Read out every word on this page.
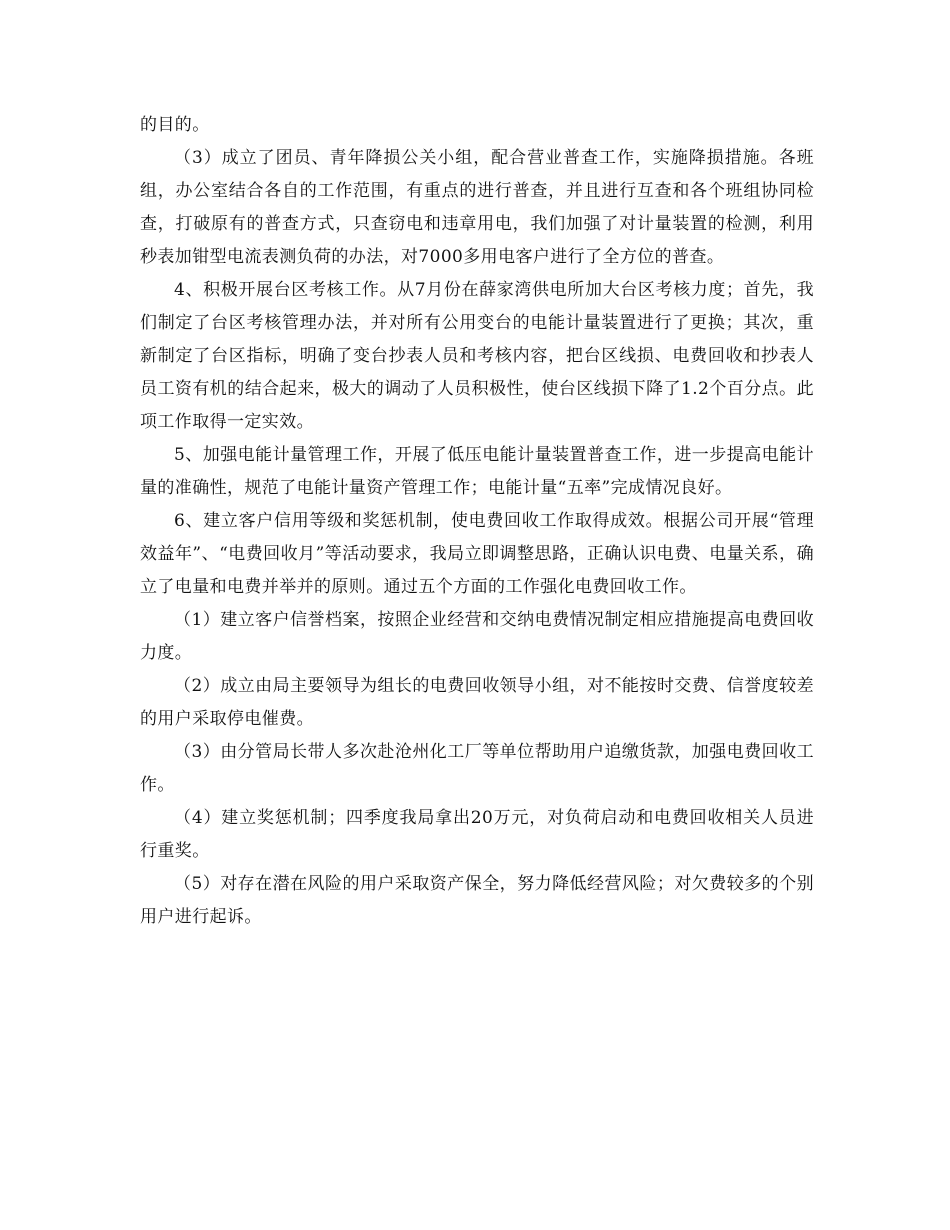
的目的。

（3）成立了团员、青年降损公关小组，配合营业普查工作，实施降损措施。各班组，办公室结合各自的工作范围，有重点的进行普查，并且进行互查和各个班组协同检查，打破原有的普查方式，只查窃电和违章用电，我们加强了对计量装置的检测，利用秒表加钳型电流表测负荷的办法，对7000多用电客户进行了全方位的普查。

4、积极开展台区考核工作。从7月份在薛家湾供电所加大台区考核力度；首先，我们制定了台区考核管理办法，并对所有公用变台的电能计量装置进行了更换；其次，重新制定了台区指标，明确了变台抄表人员和考核内容，把台区线损、电费回收和抄表人员工资有机的结合起来，极大的调动了人员积极性，使台区线损下降了1.2个百分点。此项工作取得一定实效。

5、加强电能计量管理工作，开展了低压电能计量装置普查工作，进一步提高电能计量的准确性，规范了电能计量资产管理工作；电能计量“五率”完成情况良好。

6、建立客户信用等级和奖惩机制，使电费回收工作取得成效。根据公司开展“管理效益年”、“电费回收月”等活动要求，我局立即调整思路，正确认识电费、电量关系，确立了电量和电费并举并的原则。通过五个方面的工作强化电费回收工作。

（1）建立客户信誉档案，按照企业经营和交纳电费情况制定相应措施提高电费回收力度。

（2）成立由局主要领导为组长的电费回收领导小组，对不能按时交费、信誉度较差的用户采取停电催费。

（3）由分管局长带人多次赴沧州化工厂等单位帮助用户追缴货款，加强电费回收工作。

（4）建立奖惩机制；四季度我局拿出20万元，对负荷启动和电费回收相关人员进行重奖。

（5）对存在潜在风险的用户采取资产保全，努力降低经营风险；对欠费较多的个别用户进行起诉。
